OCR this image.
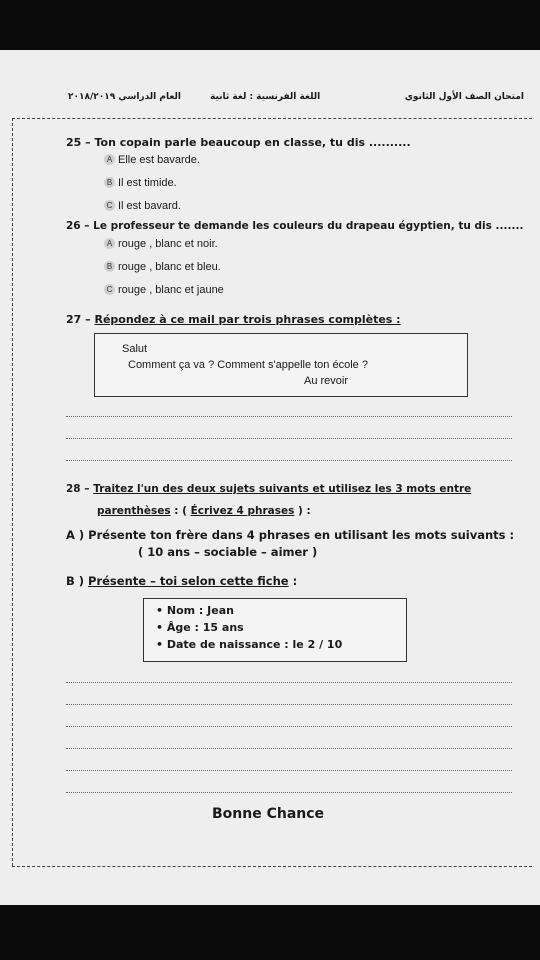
امتحان الصف الأول الثانوي
اللغة الفرنسية : لغة ثانية
العام الدراسي ٢٠١٨/٢٠١٩
25 – Ton copain parle beaucoup en classe, tu dis ..........
A Elle est bavarde.
B Il est timide.
C Il est bavard.
26 – Le professeur te demande les couleurs du drapeau égyptien, tu dis .......
A rouge , blanc et noir.
B rouge , blanc et bleu.
C rouge , blanc et jaune
27 – Répondez à ce mail par trois phrases complètes :
Salut
Comment ça va ? Comment s'appelle ton école ?
Au revoir
28 – Traitez l'un des deux sujets suivants et utilisez les 3 mots entre
parenthèses : ( Écrivez 4 phrases ) :
A ) Présente ton frère dans 4 phrases en utilisant les mots suivants :
( 10 ans – sociable – aimer )
B ) Présente – toi selon cette fiche :
• Nom : Jean
• Âge : 15 ans
• Date de naissance : le 2 / 10
Bonne Chance
